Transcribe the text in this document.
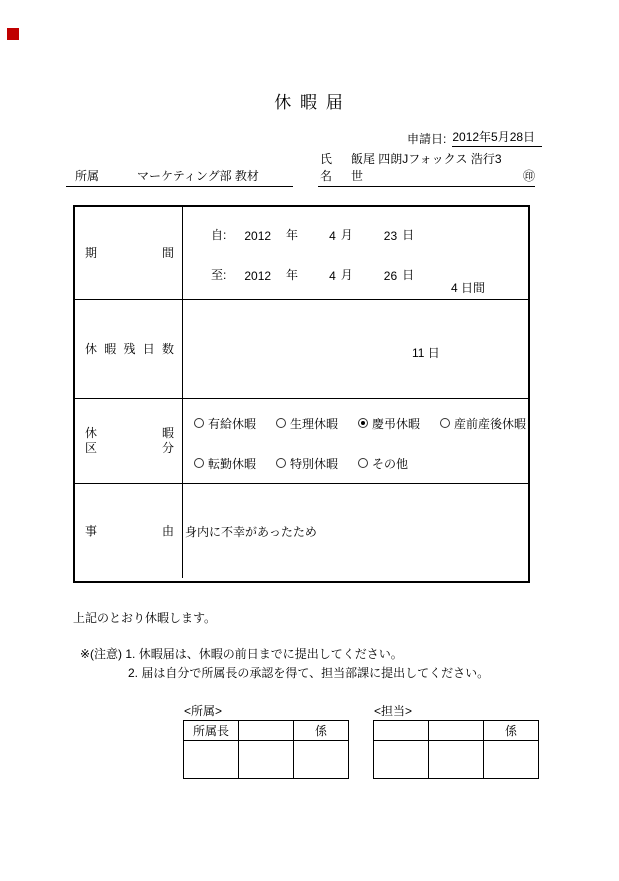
休 暇 届
申請日: 2012年5月28日
所属	マーケティング部 教材
氏名
飯尾 四朗Jフォックス 浩行3世	㊞
期間
自: 2012 年	4 月	23 日
至: 2012 年	4 月	26 日
4 日間
休暇残日数	11 日
休暇
区分
有給休暇	生理休暇	慶弔休暇	産前産後休暇
転勤休暇	特別休暇	その他
事由 身内に不幸があったため
上記のとおり休暇します。
※(注意) 1. 休暇届は、休暇の前日までに提出してください。
2. 届は自分で所属長の承認を得て、担当部課に提出してください。
<所属>
所属長		係

<担当>
		係
